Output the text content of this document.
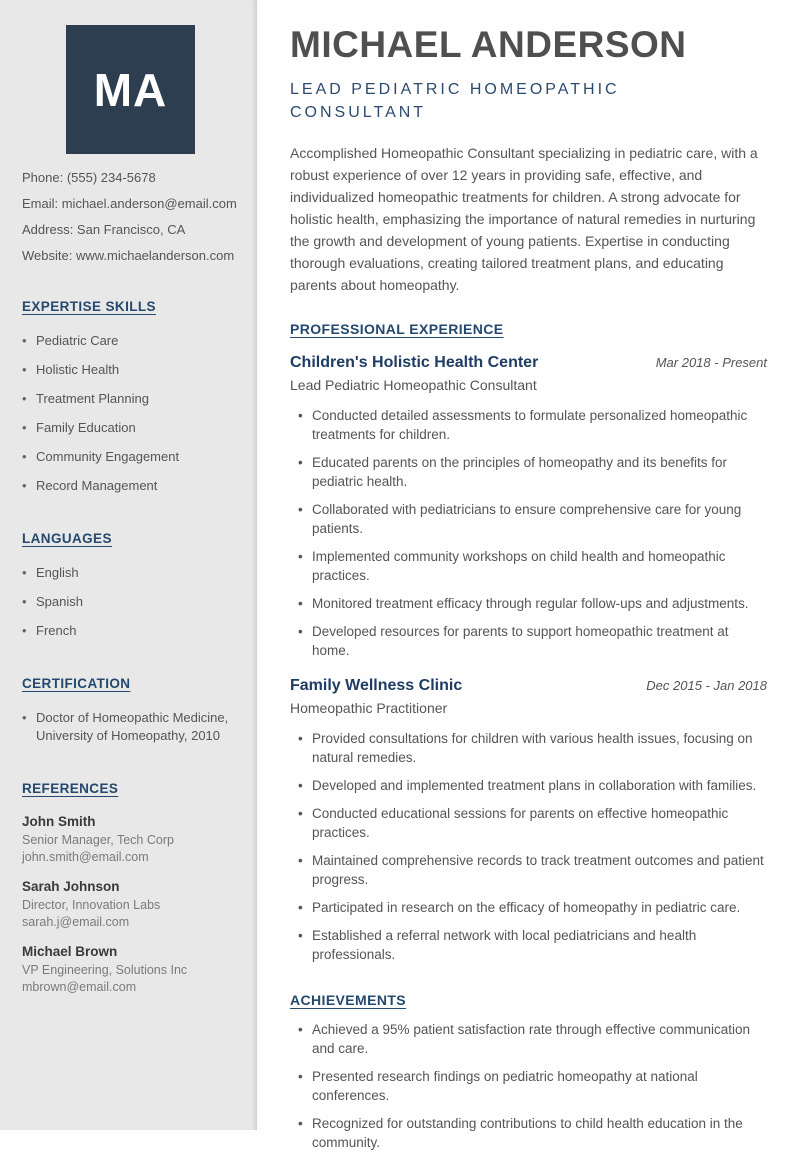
MA
Phone: (555) 234-5678
Email: michael.anderson@email.com
Address: San Francisco, CA
Website: www.michaelanderson.com
EXPERTISE SKILLS
• Pediatric Care
• Holistic Health
• Treatment Planning
• Family Education
• Community Engagement
• Record Management
LANGUAGES
• English
• Spanish
• French
CERTIFICATION
• Doctor of Homeopathic Medicine, University of Homeopathy, 2010
REFERENCES
John Smith
Senior Manager, Tech Corp
john.smith@email.com
Sarah Johnson
Director, Innovation Labs
sarah.j@email.com
Michael Brown
VP Engineering, Solutions Inc
mbrown@email.com
MICHAEL ANDERSON
LEAD PEDIATRIC HOMEOPATHIC CONSULTANT

Accomplished Homeopathic Consultant specializing in pediatric care, with a robust experience of over 12 years in providing safe, effective, and individualized homeopathic treatments for children. A strong advocate for holistic health, emphasizing the importance of natural remedies in nurturing the growth and development of young patients. Expertise in conducting thorough evaluations, creating tailored treatment plans, and educating parents about homeopathy.

PROFESSIONAL EXPERIENCE
Children's Holistic Health Center	Mar 2018 - Present
Lead Pediatric Homeopathic Consultant
• Conducted detailed assessments to formulate personalized homeopathic treatments for children.
• Educated parents on the principles of homeopathy and its benefits for pediatric health.
• Collaborated with pediatricians to ensure comprehensive care for young patients.
• Implemented community workshops on child health and homeopathic practices.
• Monitored treatment efficacy through regular follow-ups and adjustments.
• Developed resources for parents to support homeopathic treatment at home.
Family Wellness Clinic	Dec 2015 - Jan 2018
Homeopathic Practitioner
• Provided consultations for children with various health issues, focusing on natural remedies.
• Developed and implemented treatment plans in collaboration with families.
• Conducted educational sessions for parents on effective homeopathic practices.
• Maintained comprehensive records to track treatment outcomes and patient progress.
• Participated in research on the efficacy of homeopathy in pediatric care.
• Established a referral network with local pediatricians and health professionals.
ACHIEVEMENTS
• Achieved a 95% patient satisfaction rate through effective communication and care.
• Presented research findings on pediatric homeopathy at national conferences.
• Recognized for outstanding contributions to child health education in the community.
